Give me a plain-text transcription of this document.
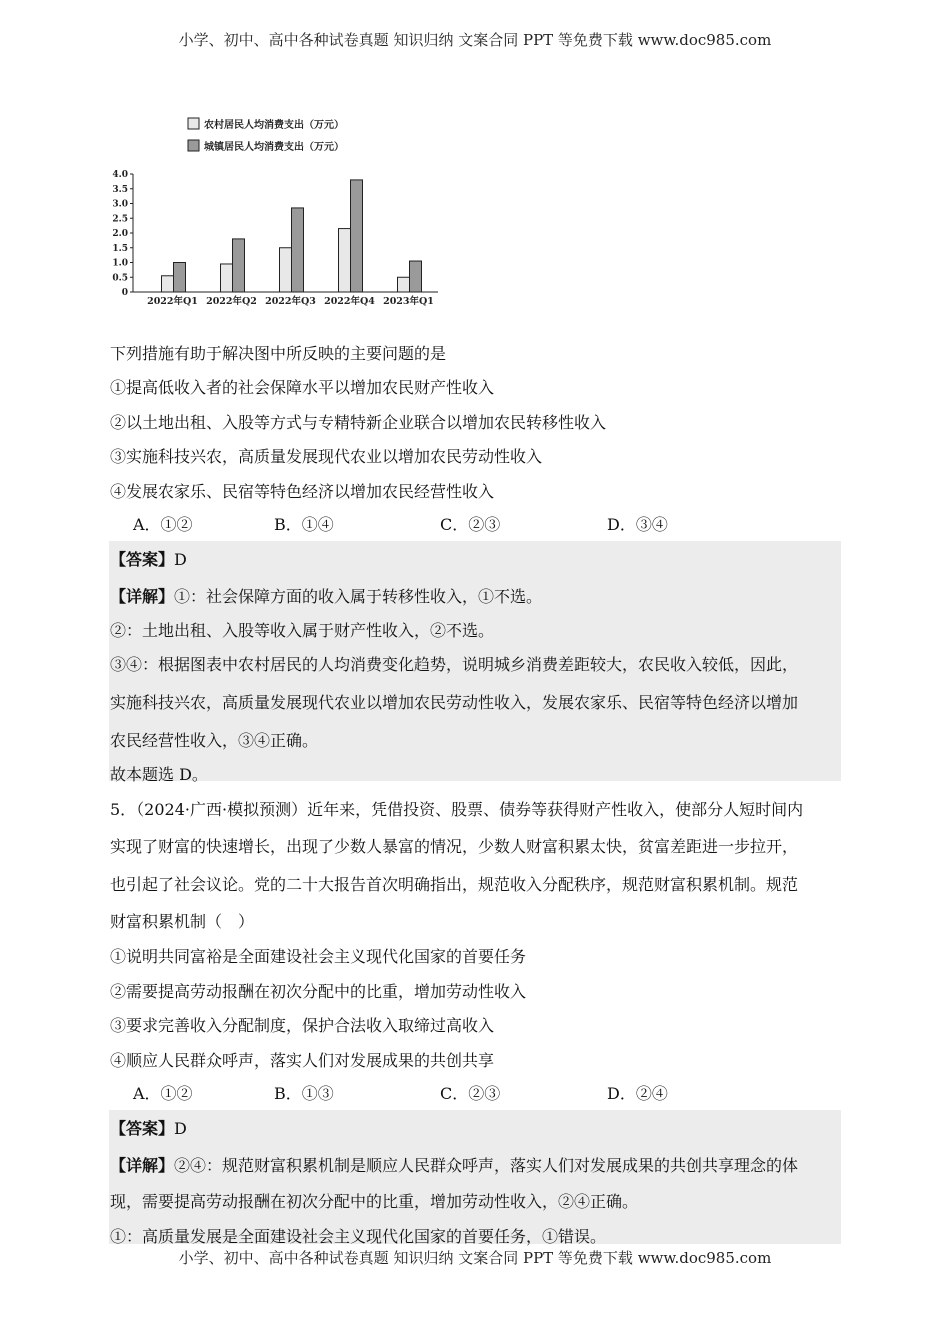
小学、初中、高中各种试卷真题 知识归纳 文案合同 PPT 等免费下载 www.doc985.com
农村居民人均消费支出（万元）
城镇居民人均消费支出（万元）
0
0.5
1.0
1.5
2.0
2.5
3.0
3.5
4.0
2022年Q1 2022年Q2 2022年Q3 2022年Q4 2023年Q1
下列措施有助于解决图中所反映的主要问题的是
①提高低收入者的社会保障水平以增加农民财产性收入
②以土地出租、入股等方式与专精特新企业联合以增加农民转移性收入
③实施科技兴农，高质量发展现代农业以增加农民劳动性收入
④发展农家乐、民宿等特色经济以增加农民经营性收入
A．①②	B．①④	C．②③	D．③④
【答案】D
【详解】①：社会保障方面的收入属于转移性收入，①不选。
②：土地出租、入股等收入属于财产性收入，②不选。
③④：根据图表中农村居民的人均消费变化趋势，说明城乡消费差距较大，农民收入较低，因此，
实施科技兴农，高质量发展现代农业以增加农民劳动性收入，发展农家乐、民宿等特色经济以增加
农民经营性收入，③④正确。
故本题选 D。
5．（2024·广西·模拟预测）近年来，凭借投资、股票、债券等获得财产性收入，使部分人短时间内
实现了财富的快速增长，出现了少数人暴富的情况，少数人财富积累太快，贫富差距进一步拉开，
也引起了社会议论。党的二十大报告首次明确指出，规范收入分配秩序，规范财富积累机制。规范
财富积累机制（　）
①说明共同富裕是全面建设社会主义现代化国家的首要任务
②需要提高劳动报酬在初次分配中的比重，增加劳动性收入
③要求完善收入分配制度，保护合法收入取缔过高收入
④顺应人民群众呼声，落实人们对发展成果的共创共享
A．①②	B．①③	C．②③	D．②④
【答案】D
【详解】②④：规范财富积累机制是顺应人民群众呼声，落实人们对发展成果的共创共享理念的体
现，需要提高劳动报酬在初次分配中的比重，增加劳动性收入，②④正确。
①：高质量发展是全面建设社会主义现代化国家的首要任务，①错误。
小学、初中、高中各种试卷真题 知识归纳 文案合同 PPT 等免费下载 www.doc985.com
